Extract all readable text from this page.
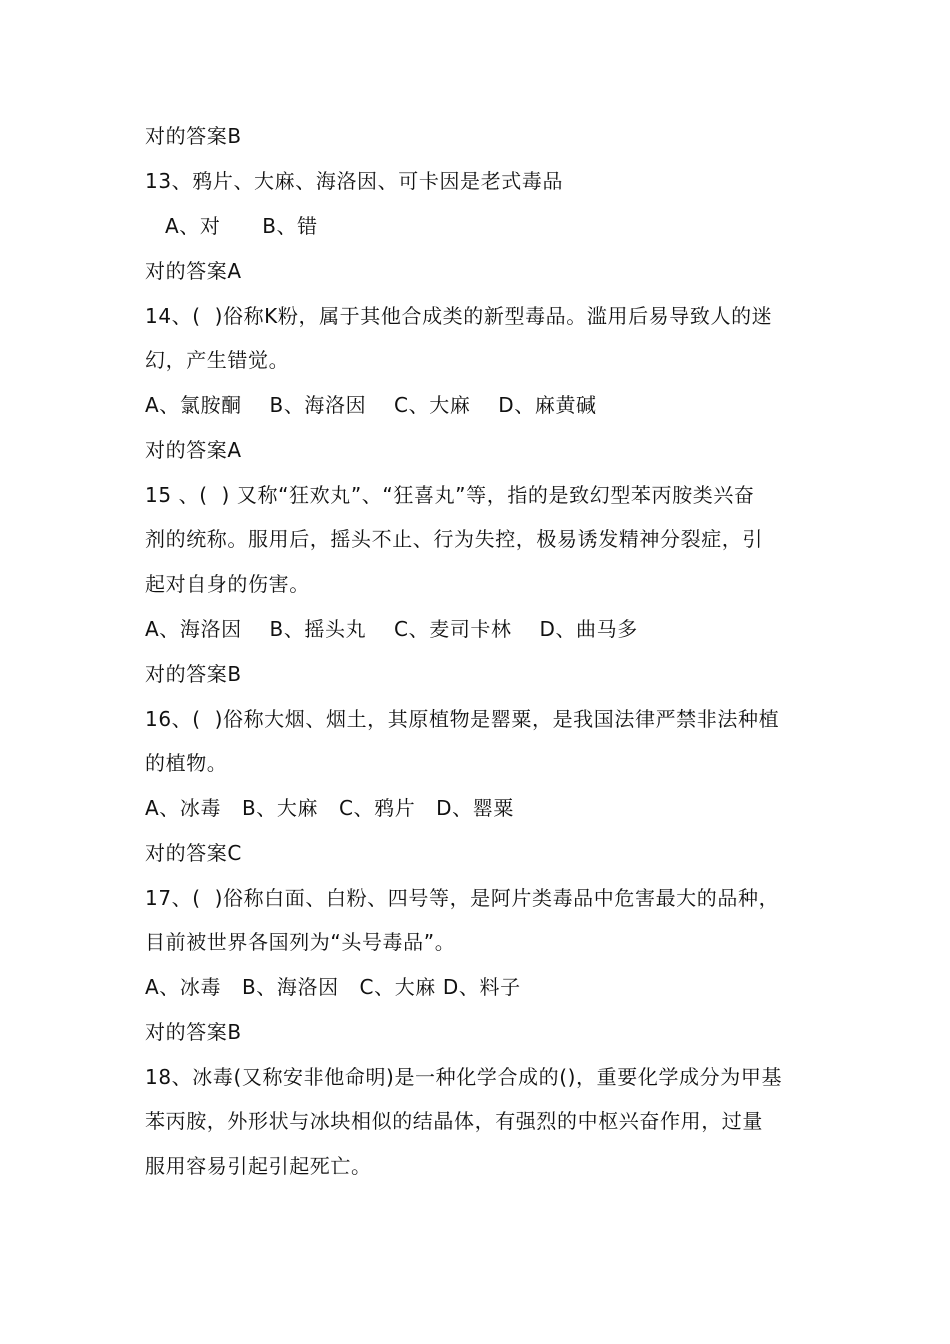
对的答案B
13、鸦片、大麻、海洛因、可卡因是老式毒品
A、对      B、错
对的答案A
14、(  )俗称K粉，属于其他合成类的新型毒品。滥用后易导致人的迷
幻，产生错觉。
A、氯胺酮    B、海洛因    C、大麻    D、麻黄碱
对的答案A
15 、(  ) 又称“狂欢丸”、“狂喜丸”等，指的是致幻型苯丙胺类兴奋
剂的统称。服用后，摇头不止、行为失控，极易诱发精神分裂症，引
起对自身的伤害。
A、海洛因    B、摇头丸    C、麦司卡林    D、曲马多
对的答案B
16、(  )俗称大烟、烟土，其原植物是罂粟，是我国法律严禁非法种植
的植物。
A、冰毒   B、大麻   C、鸦片   D、罂粟
对的答案C
17、(  )俗称白面、白粉、四号等，是阿片类毒品中危害最大的品种，
目前被世界各国列为“头号毒品”。
A、冰毒   B、海洛因   C、大麻 D、料子
对的答案B
18、冰毒(又称安非他命明)是一种化学合成的()，重要化学成分为甲基
苯丙胺，外形状与冰块相似的结晶体，有强烈的中枢兴奋作用，过量
服用容易引起引起死亡。
